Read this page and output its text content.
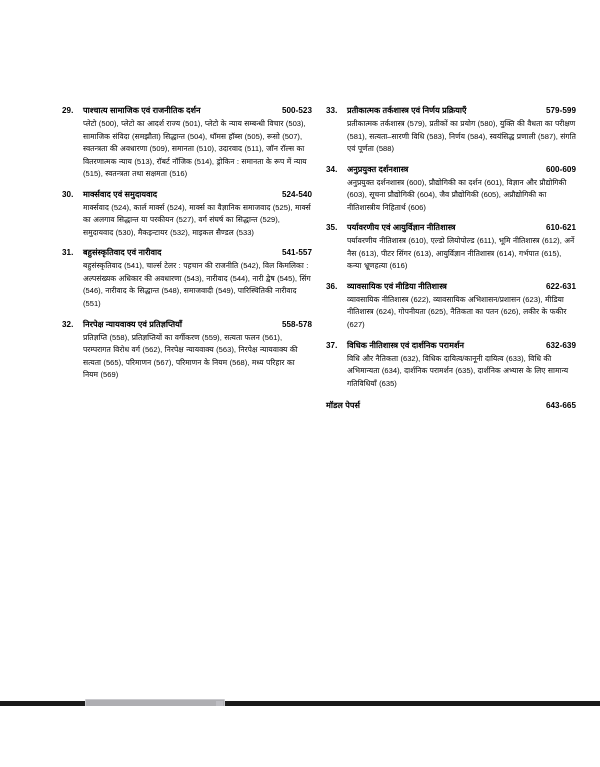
29.	पाश्चात्य सामाजिक एवं राजनीतिक दर्शन	500-523
प्लेटो (500), प्लेटो का आदर्श राज्य (501), प्लेटो के न्याय सम्बन्धी विचार (503), सामाजिक संविदा (समझौता) सिद्धान्त (504), थॉमस हॉब्स (505), रूसो (507), स्वतन्त्रता की अवधारणा (509), समानता (510), उदारवाद (511), जॉन रॉल्स का वितरणात्मक न्याय (513), रॉबर्ट नॉजिक (514), ड्रोकिन : समानता के रूप में न्याय (515), स्वतन्त्रता तथा सक्षमता (516)
30.	मार्क्सवाद एवं समुदायवाद	524-540
मार्क्सवाद (524), कार्ल मार्क्स (524), मार्क्स का वैज्ञानिक समाजवाद (525), मार्क्स का अलगाव सिद्धान्त या परकीयन (527), वर्ग संघर्ष का सिद्धान्त (529), समुदायवाद (530), मैकइन्टायर (532), माइकल सैण्डल (533)
31.	बहुसंस्कृतिवाद एवं नारीवाद	541-557
बहुसंस्कृतिवाद (541), चार्ल्स टेलर : पहचान की राजनीति (542), विल किमलिका : अल्पसंख्यक अधिकार की अवधारणा (543), नारीवाद (544), नारी द्वेष (545), सिंग (546), नारीवाद के सिद्धान्त (548), समाजवादी (549), पारिस्थितिकी नारीवाद (551)
32.	निरपेक्ष न्यायवाक्य एवं प्रतिज्ञप्तियाँ	558-578
प्रतिज्ञप्ति (558), प्रतिज्ञप्तियों का वर्गीकरण (559), सत्यता फलन (561), परम्परागत विरोध वर्ग (562), निरपेक्ष न्यायवाक्य (563), निरपेक्ष न्यायवाक्य की सत्यता (565), परिमाणन (567), परिमाणन के नियम (568), मध्य परिहार का नियम (569)
33.	प्रतीकात्मक तर्कशास्त्र एवं निर्णय प्रक्रियाएँ	579-599
प्रतीकात्मक तर्कशास्त्र (579), प्रतीकों का प्रयोग (580), युक्ति की वैधता का परीक्षण (581), सत्यता–सारणी विधि (583), निर्णय (584), स्वयंसिद्ध प्रणाली (587), संगति एवं पूर्णता (588)
34.	अनुप्रयुक्त दर्शनशास्त्र	600-609
अनुप्रयुक्त दर्शनशास्त्र (600), प्रौद्योगिकी का दर्शन (601), विज्ञान और प्रौद्योगिकी (603), सूचना प्रौद्योगिकी (604), जैव प्रौद्योगिकी (605), अप्रौद्योगिकी का नीतिशास्त्रीय निहितार्थ (606)
35.	पर्यावरणीय एवं आयुर्विज्ञान नीतिशास्त्र	610-621
पर्यावरणीय नीतिशास्त्र (610), एल्डो लियोपोल्ड (611), भूमि नीतिशास्त्र (612), अर्ने नैस (613), पीटर सिंगर (613), आयुर्विज्ञान नीतिशास्त्र (614), गर्भपात (615), कन्या भ्रूणहत्या (616)
36.	व्यावसायिक एवं मीडिया नीतिशास्त्र	622-631
व्यावसायिक नीतिशास्त्र (622), व्यावसायिक अभिशासन/प्रशासन (623), मीडिया नीतिशास्त्र (624), गोपनीयता (625), नैतिकता का पतन (626), लकीर के फकीर (627)
37.	विधिक नीतिशास्त्र एवं दार्शनिक परामर्शन	632-639
विधि और नैतिकता (632), विधिक दायित्व/कानूनी दायित्व (633), विधि की अभिमान्यता (634), दार्शनिक परामर्शन (635), दार्शनिक अभ्यास के लिए सामान्य गतिविधियाँ (635)
मॉडल पेपर्स	643-665
